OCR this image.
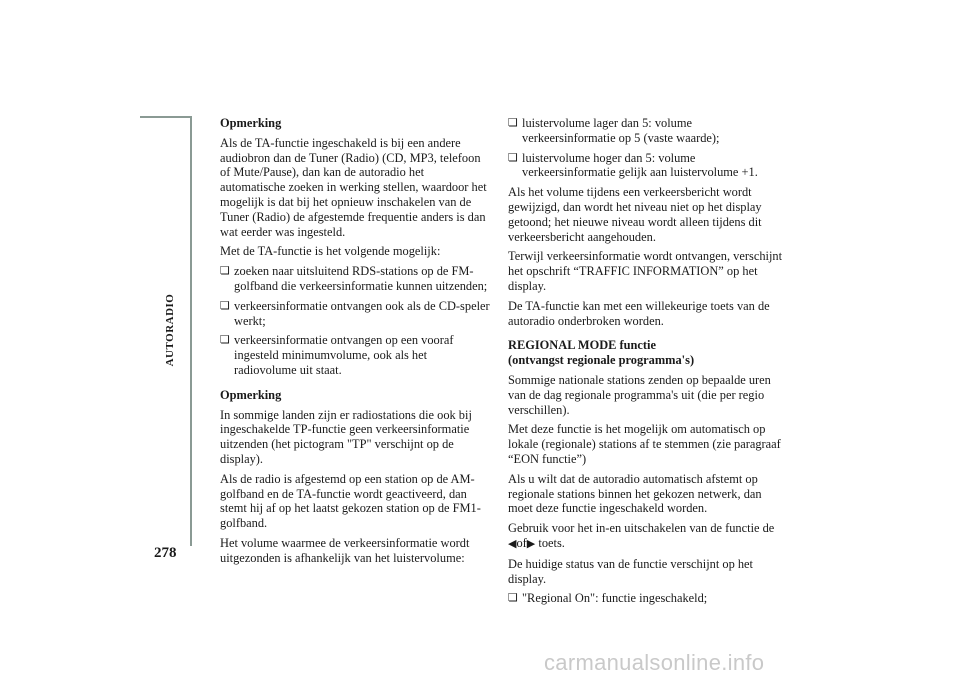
AUTORADIO
278
Opmerking
Als de TA-functie ingeschakeld is bij een andere audiobron dan de Tuner (Radio) (CD, MP3, telefoon of Mute/Pause), dan kan de autoradio het automatische zoeken in werking stellen, waardoor het mogelijk is dat bij het opnieuw inschakelen van de Tuner (Radio) de afgestemde frequentie anders is dan wat eerder was ingesteld.
Met de TA-functie is het volgende mogelijk:
❏ zoeken naar uitsluitend RDS-stations op de FM-golfband die verkeersinformatie kunnen uitzenden;
❏ verkeersinformatie ontvangen ook als de CD-speler werkt;
❏ verkeersinformatie ontvangen op een vooraf ingesteld minimumvolume, ook als het radiovolume uit staat.
Opmerking
In sommige landen zijn er radiostations die ook bij ingeschakelde TP-functie geen verkeersinformatie uitzenden (het pictogram "TP" verschijnt op de display).
Als de radio is afgestemd op een station op de AM-golfband en de TA-functie wordt geactiveerd, dan stemt hij af op het laatst gekozen station op de FM1-golfband.
Het volume waarmee de verkeersinformatie wordt uitgezonden is afhankelijk van het luistervolume:
❏ luistervolume lager dan 5: volume verkeersinformatie op 5 (vaste waarde);
❏ luistervolume hoger dan 5: volume verkeersinformatie gelijk aan luistervolume +1.
Als het volume tijdens een verkeersbericht wordt gewijzigd, dan wordt het niveau niet op het display getoond; het nieuwe niveau wordt alleen tijdens dit verkeersbericht aangehouden.
Terwijl verkeersinformatie wordt ontvangen, verschijnt het opschrift “TRAFFIC INFORMATION” op het display.
De TA-functie kan met een willekeurige toets van de autoradio onderbroken worden.
REGIONAL MODE functie
(ontvangst regionale programma's)
Sommige nationale stations zenden op bepaalde uren van de dag regionale programma's uit (die per regio verschillen).
Met deze functie is het mogelijk om automatisch op lokale (regionale) stations af te stemmen (zie paragraaf “EON functie”)
Als u wilt dat de autoradio automatisch afstemt op regionale stations binnen het gekozen netwerk, dan moet deze functie ingeschakeld worden.
Gebruik voor het in-en uitschakelen van de functie de ◀of▶ toets.
De huidige status van de functie verschijnt op het display.
❏ "Regional On": functie ingeschakeld;
carmanualsonline.info
